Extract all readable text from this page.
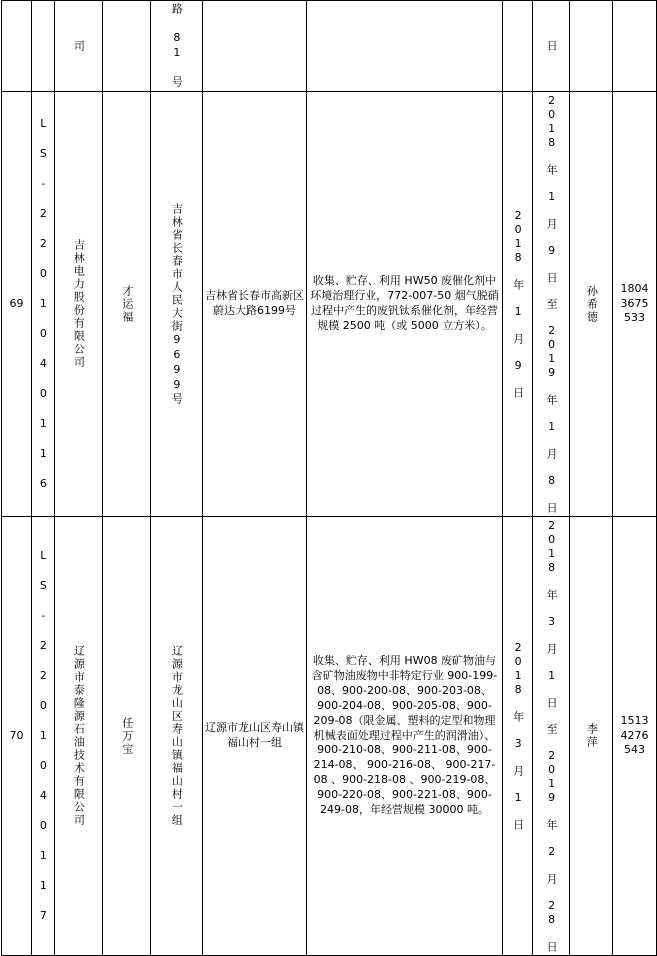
		司		路 81 号				日		

69	L S - 2 2 0 1 0 4 0 1 1 6	吉林电力股份有限公司	才运福	吉林省长春市人民大街9699号	吉林省长春市高新区蔚达大路6199号	收集、贮存、利用 HW50 废催化剂中环境治理行业，772-007-50 烟气脱硝过程中产生的废钒钛系催化剂，年经营规模 2500 吨（或 5000 立方米）。	2018 年 1 月 9 日	2018 年 1 月 9 日 至 2019 年 1 月 8 日	孙希德	1804 3675 533
70	L S - 2 2 0 1 0 4 0 1 1 7	辽源市泰隆源石油技术有限公司	任万宝	辽源市龙山区寿山镇福山村一组	辽源市龙山区寿山镇福山村一组	收集、贮存、利用 HW08 废矿物油与含矿物油废物中非特定行业 900-199-08、900-200-08、900-203-08、900-204-08、900-205-08、900-209-08（限金属、塑料的定型和物理机械表面处理过程中产生的润滑油）、900-210-08、900-211-08、900-214-08、 900-216-08、 900-217-08 、900-218-08 、900-219-08、900-220-08、900-221-08、900-249-08，年经营规模 30000 吨。	2018 年 3 月 1 日	2018 年 3 月 1 日 至 2019 年 2 月 28 日	李萍	1513 4276 543
